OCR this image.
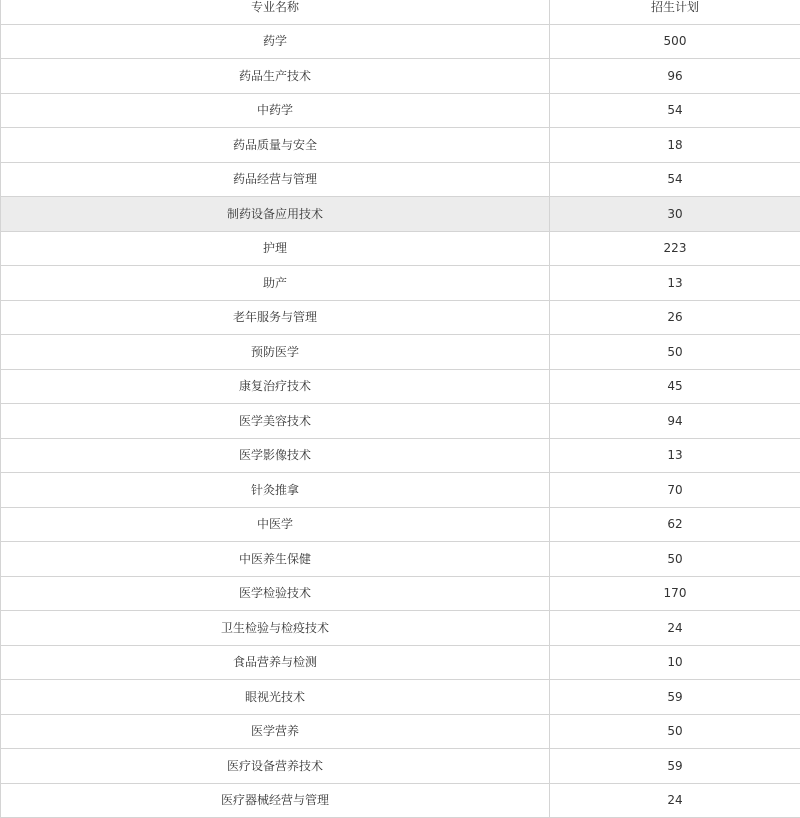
专业名称	招生计划
药学	500
药品生产技术	96
中药学	54
药品质量与安全	18
药品经营与管理	54
制药设备应用技术	30
护理	223
助产	13
老年服务与管理	26
预防医学	50
康复治疗技术	45
医学美容技术	94
医学影像技术	13
针灸推拿	70
中医学	62
中医养生保健	50
医学检验技术	170
卫生检验与检疫技术	24
食品营养与检测	10
眼视光技术	59
医学营养	50
医疗设备营养技术	59
医疗器械经营与管理	24
